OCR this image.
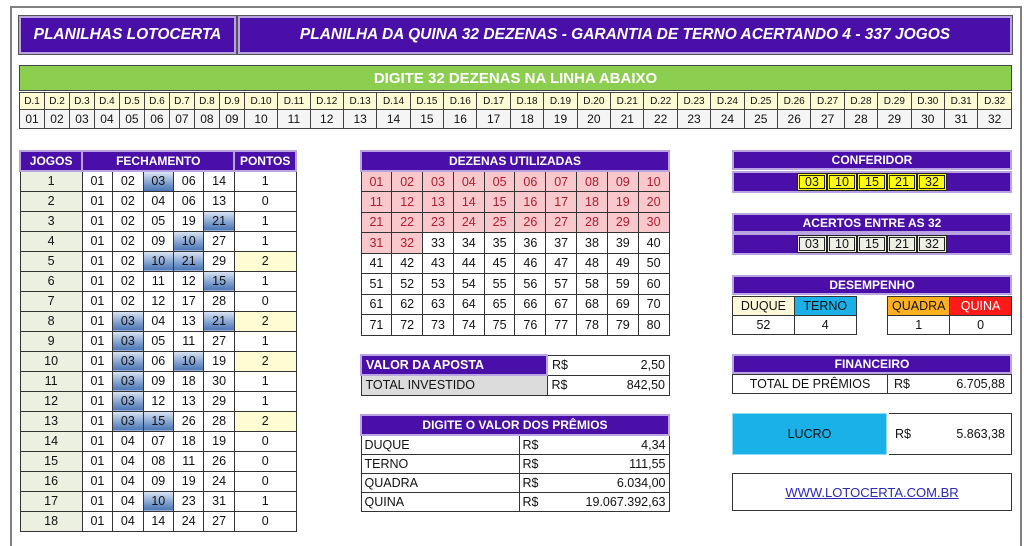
PLANILHAS LOTOCERTA	PLANILHA DA QUINA 32 DEZENAS - GARANTIA DE TERNO ACERTANDO 4 - 337 JOGOS
DIGITE 32 DEZENAS NA LINHA ABAIXO
D.1	D.2	D.3	D.4	D.5	D.6	D.7	D.8	D.9	D.10	D.11	D.12	D.13	D.14	D.15	D.16	D.17	D.18	D.19	D.20	D.21	D.22	D.23	D.24	D.25	D.26	D.27	D.28	D.29	D.30	D.31	D.32
01	02	03	04	05	06	07	08	09	10	11	12	13	14	15	16	17	18	19	20	21	22	23	24	25	26	27	28	29	30	31	32
JOGOS	FECHAMENTO					PONTOS
1	01	02	03	06	14	1
2	01	02	04	06	13	0
3	01	02	05	19	21	1
4	01	02	09	10	27	1
5	01	02	10	21	29	2
6	01	02	11	12	15	1
7	01	02	12	17	28	0
8	01	03	04	13	21	2
9	01	03	05	11	27	1
10	01	03	06	10	19	2
11	01	03	09	18	30	1
12	01	03	12	13	29	1
13	01	03	15	26	28	2
14	01	04	07	18	19	0
15	01	04	08	11	26	0
16	01	04	09	19	24	0
17	01	04	10	23	31	1
18	01	04	14	24	27	0
DEZENAS UTILIZADAS									
01	02	03	04	05	06	07	08	09	10
11	12	13	14	15	16	17	18	19	20
21	22	23	24	25	26	27	28	29	30
31	32	33	34	35	36	37	38	39	40
41	42	43	44	45	46	47	48	49	50
51	52	53	54	55	56	57	58	59	60
61	62	63	64	65	66	67	68	69	70
71	72	73	74	75	76	77	78	79	80
VALOR DA APOSTA	R$	2,50
TOTAL INVESTIDO	R$	842,50
DIGITE O VALOR DOS PRÊMIOS		
DUQUE	R$	4,34
TERNO	R$	111,55
QUADRA	R$	6.034,00
QUINA	R$	19.067.392,63
CONFERIDOR
03	10	15	21	32
ACERTOS ENTRE AS 32
03	10	15	21	32
DESEMPENHO
DUQUE	TERNO		QUADRA	QUINA
52	4		1	0
FINANCEIRO
TOTAL DE PRÊMIOS	R$	6.705,88
LUCRO	R$	5.863,38
WWW.LOTOCERTA.COM.BR
